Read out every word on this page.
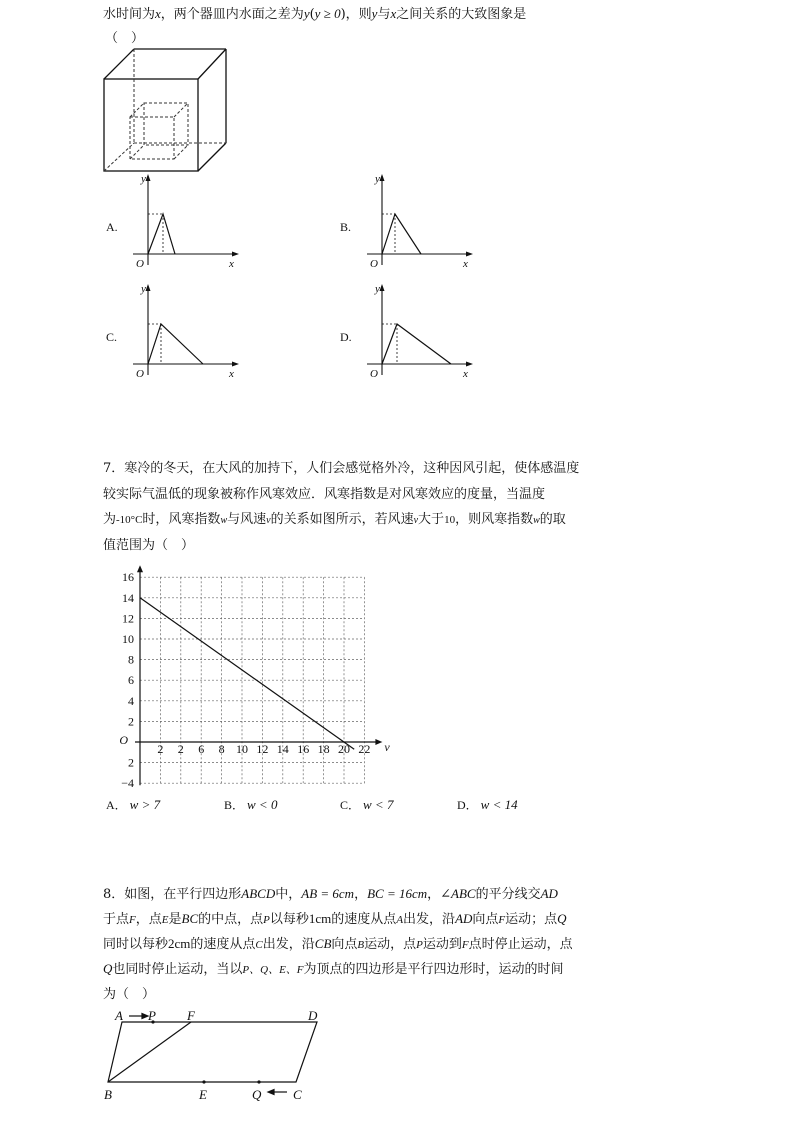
水时间为x，两个器皿内水面之差为y(y ≥ 0)，则y与x之间关系的大致图象是
（　）
A.
y
x
O
B.
y
x
O
C.
y
x
O
D.
y
x
O
7．寒冷的冬天，在大风的加持下，人们会感觉格外冷，这种因风引起，使体感温度
较实际气温低的现象被称作风寒效应．风寒指数是对风寒效应的度量，当温度
为-10°C时，风寒指数w与风速v的关系如图所示，若风速v大于10，则风寒指数w的取
值范围为（　）
2 2 6 8 10 12 14 16 18 20 22
16
14
12
10
8
6
4
2
2
−4
O	v
A． w > 7	B． w < 0	C． w < 7	D． w < 14
8．如图，在平行四边形ABCD中，AB = 6cm，BC = 16cm，∠ABC的平分线交AD
于点F，点E是BC的中点，点P以每秒1cm的速度从点A出发，沿AD向点F运动；点Q
同时以每秒2cm的速度从点C出发，沿CB向点B运动，点P运动到F点时停止运动，点
Q也同时停止运动，当以P、Q、E、F为顶点的四边形是平行四边形时，运动的时间
为（　）
A P F	D
B	E	Q C
